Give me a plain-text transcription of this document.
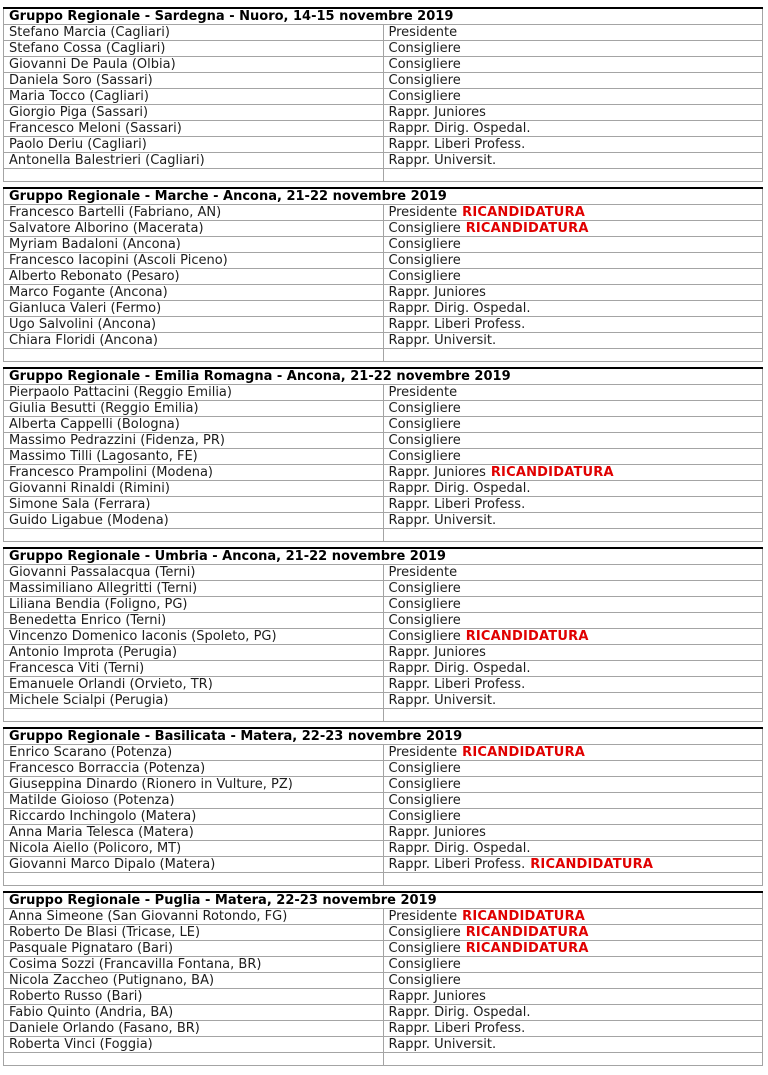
Gruppo Regionale - Sardegna - Nuoro, 14-15 novembre 2019	
Stefano Marcia (Cagliari)	Presidente
Stefano Cossa (Cagliari)	Consigliere
Giovanni De Paula (Olbia)	Consigliere
Daniela Soro (Sassari)	Consigliere
Maria Tocco (Cagliari)	Consigliere
Giorgio Piga (Sassari)	Rappr. Juniores
Francesco Meloni (Sassari)	Rappr. Dirig. Ospedal.
Paolo Deriu (Cagliari)	Rappr. Liberi Profess.
Antonella Balestrieri (Cagliari)	Rappr. Universit.

Gruppo Regionale - Marche - Ancona, 21-22 novembre 2019	
Francesco Bartelli (Fabriano, AN)	Presidente RICANDIDATURA
Salvatore Alborino (Macerata)	Consigliere RICANDIDATURA
Myriam Badaloni (Ancona)	Consigliere
Francesco Iacopini (Ascoli Piceno)	Consigliere
Alberto Rebonato (Pesaro)	Consigliere
Marco Fogante (Ancona)	Rappr. Juniores
Gianluca Valeri (Fermo)	Rappr. Dirig. Ospedal.
Ugo Salvolini (Ancona)	Rappr. Liberi Profess.
Chiara Floridi (Ancona)	Rappr. Universit.

Gruppo Regionale - Emilia Romagna - Ancona, 21-22 novembre 2019	
Pierpaolo Pattacini (Reggio Emilia)	Presidente
Giulia Besutti (Reggio Emilia)	Consigliere
Alberta Cappelli (Bologna)	Consigliere
Massimo Pedrazzini (Fidenza, PR)	Consigliere
Massimo Tilli (Lagosanto, FE)	Consigliere
Francesco Prampolini (Modena)	Rappr. Juniores RICANDIDATURA
Giovanni Rinaldi (Rimini)	Rappr. Dirig. Ospedal.
Simone Sala (Ferrara)	Rappr. Liberi Profess.
Guido Ligabue (Modena)	Rappr. Universit.

Gruppo Regionale - Umbria - Ancona, 21-22 novembre 2019	
Giovanni Passalacqua (Terni)	Presidente
Massimiliano Allegritti (Terni)	Consigliere
Liliana Bendia (Foligno, PG)	Consigliere
Benedetta Enrico (Terni)	Consigliere
Vincenzo Domenico Iaconis (Spoleto, PG)	Consigliere RICANDIDATURA
Antonio Improta (Perugia)	Rappr. Juniores
Francesca Viti (Terni)	Rappr. Dirig. Ospedal.
Emanuele Orlandi (Orvieto, TR)	Rappr. Liberi Profess.
Michele Scialpi (Perugia)	Rappr. Universit.

Gruppo Regionale - Basilicata - Matera, 22-23 novembre 2019	
Enrico Scarano (Potenza)	Presidente RICANDIDATURA
Francesco Borraccia (Potenza)	Consigliere
Giuseppina Dinardo (Rionero in Vulture, PZ)	Consigliere
Matilde Gioioso (Potenza)	Consigliere
Riccardo Inchingolo (Matera)	Consigliere
Anna Maria Telesca (Matera)	Rappr. Juniores
Nicola Aiello (Policoro, MT)	Rappr. Dirig. Ospedal.
Giovanni Marco Dipalo (Matera)	Rappr. Liberi Profess. RICANDIDATURA

Gruppo Regionale - Puglia - Matera, 22-23 novembre 2019	
Anna Simeone (San Giovanni Rotondo, FG)	Presidente RICANDIDATURA
Roberto De Blasi (Tricase, LE)	Consigliere RICANDIDATURA
Pasquale Pignataro (Bari)	Consigliere RICANDIDATURA
Cosima Sozzi (Francavilla Fontana, BR)	Consigliere
Nicola Zaccheo (Putignano, BA)	Consigliere
Roberto Russo (Bari)	Rappr. Juniores
Fabio Quinto (Andria, BA)	Rappr. Dirig. Ospedal.
Daniele Orlando (Fasano, BR)	Rappr. Liberi Profess.
Roberta Vinci (Foggia)	Rappr. Universit.
